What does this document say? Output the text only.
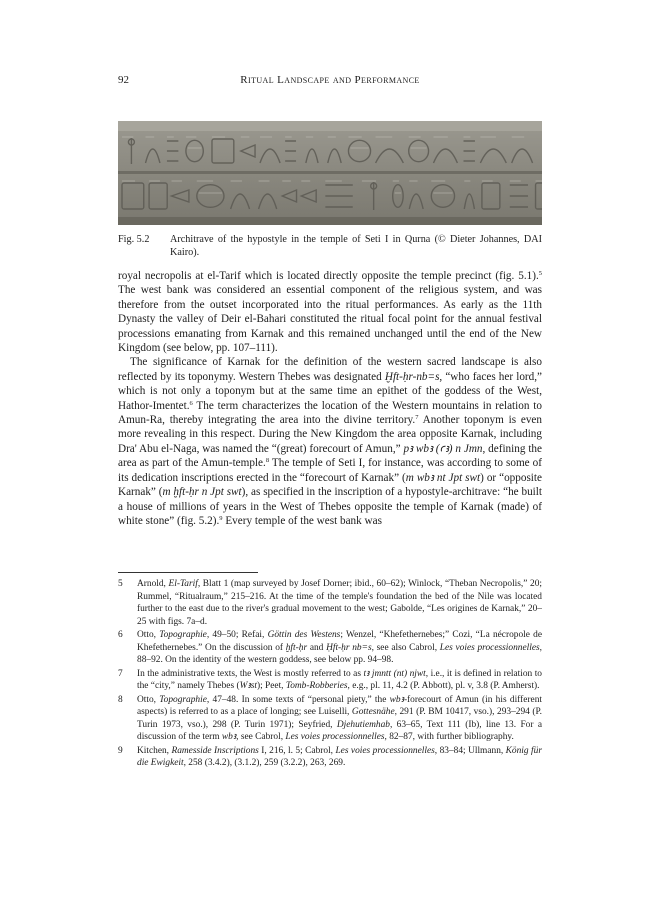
92	Ritual Landscape and Performance
Fig. 5.2	Architrave of the hypostyle in the temple of Seti I in Qurna (© Dieter Johannes, DAI Kairo).

royal necropolis at el-Tarif which is located directly opposite the temple precinct (fig. 5.1).$^5$ The west bank was considered an essential component of the religious system, and was therefore from the outset incorporated into the ritual performances. As early as the 11th Dynasty the valley of Deir el-Bahari constituted the ritual focal point for the annual festival processions emanating from Karnak and this remained unchanged until the end of the New Kingdom (see below, pp. 107–111).

The significance of Karnak for the definition of the western sacred landscape is also reflected by its toponymy. Western Thebes was designated Ḫft-ḥr-nb=s, “who faces her lord,” which is not only a toponym but at the same time an epithet of the goddess of the West, Hathor-Imentet.$^6$ The term characterizes the location of the Western mountains in relation to Amun-Ra, thereby integrating the area into the divine territory.$^7$ Another toponym is even more revealing in this respect. During the New Kingdom the area opposite Karnak, including Dra' Abu el-Naga, was named the “(great) forecourt of Amun,” pꜣ wbꜣ (ꜥꜣ) n Jmn, defining the area as part of the Amun-temple.$^8$ The temple of Seti I, for instance, was according to some of its dedication inscriptions erected in the “forecourt of Karnak” (m wbꜣ nt Jpt swt) or “opposite Karnak” (m ḫft-ḥr n Jpt swt), as specified in the inscription of a hypostyle-architrave: “he built a house of millions of years in the West of Thebes opposite the temple of Karnak (made) of white stone” (fig. 5.2).$^9$ Every temple of the west bank was

5	Arnold, El-Tarif, Blatt 1 (map surveyed by Josef Dorner; ibid., 60–62); Winlock, “Theban Necropolis,” 20; Rummel, “Ritualraum,” 215–216. At the time of the temple's foundation the bed of the Nile was located further to the east due to the river's gradual movement to the west; Gabolde, “Les origines de Karnak,” 20–25 with figs. 7a–d.
6	Otto, Topographie, 49–50; Refai, Göttin des Westens; Wenzel, “Khefethernebes;” Cozi, “La nécropole de Khefethernebes.” On the discussion of ḫft-ḥr and Ḥft-ḥr nb=s, see also Cabrol, Les voies processionnelles, 88–92. On the identity of the western goddess, see below pp. 94–98.
7	In the administrative texts, the West is mostly referred to as tꜣ jmntt (nt) njwt, i.e., it is defined in relation to the “city,” namely Thebes (Wꜣst); Peet, Tomb-Robberies, e.g., pl. 11, 4.2 (P. Abbott), pl. v, 3.8 (P. Amherst).
8	Otto, Topographie, 47–48. In some texts of “personal piety,” the wbꜣ-forecourt of Amun (in his different aspects) is referred to as a place of longing; see Luiselli, Gottesnähe, 291 (P. BM 10417, vso.), 293–294 (P. Turin 1973, vso.), 298 (P. Turin 1971); Seyfried, Djehutiemhab, 63–65, Text 111 (Ib), line 13. For a discussion of the term wbꜣ, see Cabrol, Les voies processionnelles, 82–87, with further bibliography.
9	Kitchen, Ramesside Inscriptions I, 216, l. 5; Cabrol, Les voies processionnelles, 83–84; Ullmann, König für die Ewigkeit, 258 (3.4.2), (3.1.2), 259 (3.2.2), 263, 269.
